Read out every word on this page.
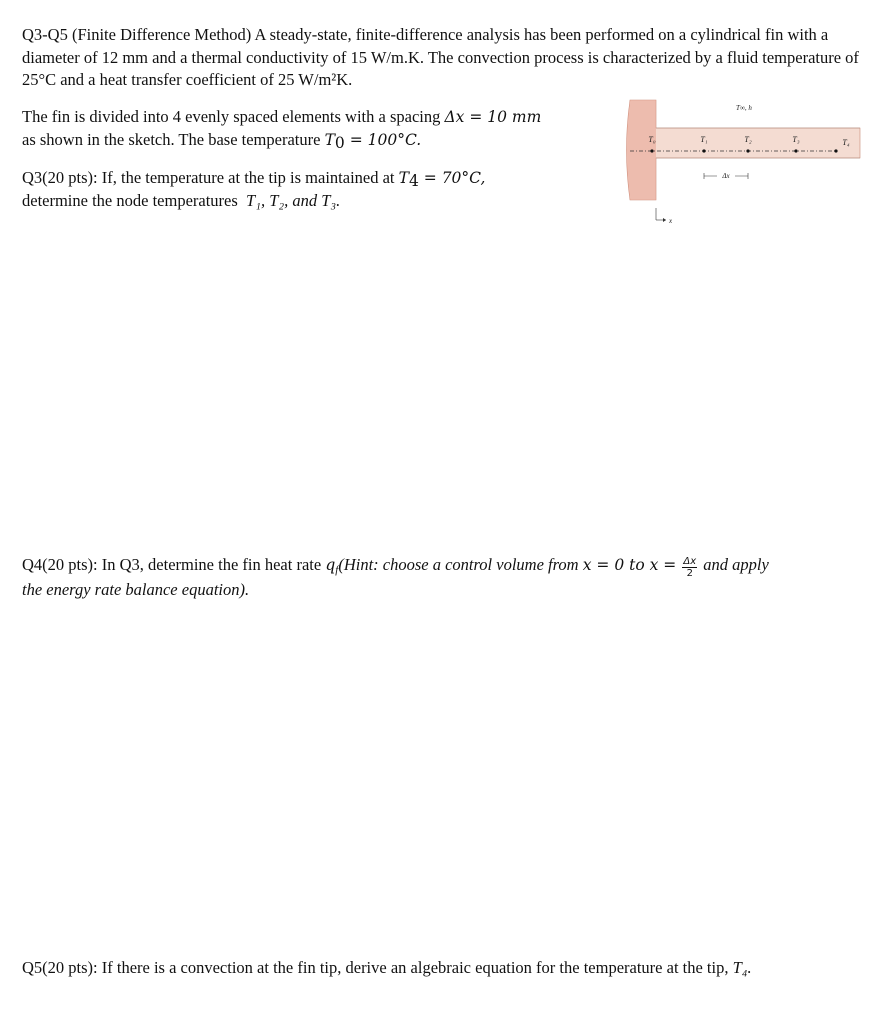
Q3-Q5 (Finite Difference Method) A steady-state, finite-difference analysis has been performed on a cylindrical fin with a diameter of 12 mm and a thermal conductivity of 15 W/m.K. The convection process is characterized by a fluid temperature of 25°C and a heat transfer coefficient of 25 W/m²K.
The fin is divided into 4 evenly spaced elements with a spacing Δx = 10 mm
as shown in the sketch. The base temperature $T_0 = 100^\circ C$.
Q3(20 pts): If, the temperature at the tip is maintained at $T_4 = 70^\circ C$,
determine the node temperatures T₁, T₂, and T₃.
Q4(20 pts): In Q3, determine the fin heat rate $q_f(Hint$: choose a control volume from x = 0 to $x = \frac{\Delta x}{2}$ and apply
the energy rate balance equation).
Q5(20 pts): If there is a convection at the fin tip, derive an algebraic equation for the temperature at the tip, T₄.
T₀	T₁	T₂	T₃	T₄
T∞, h
Δx
x
